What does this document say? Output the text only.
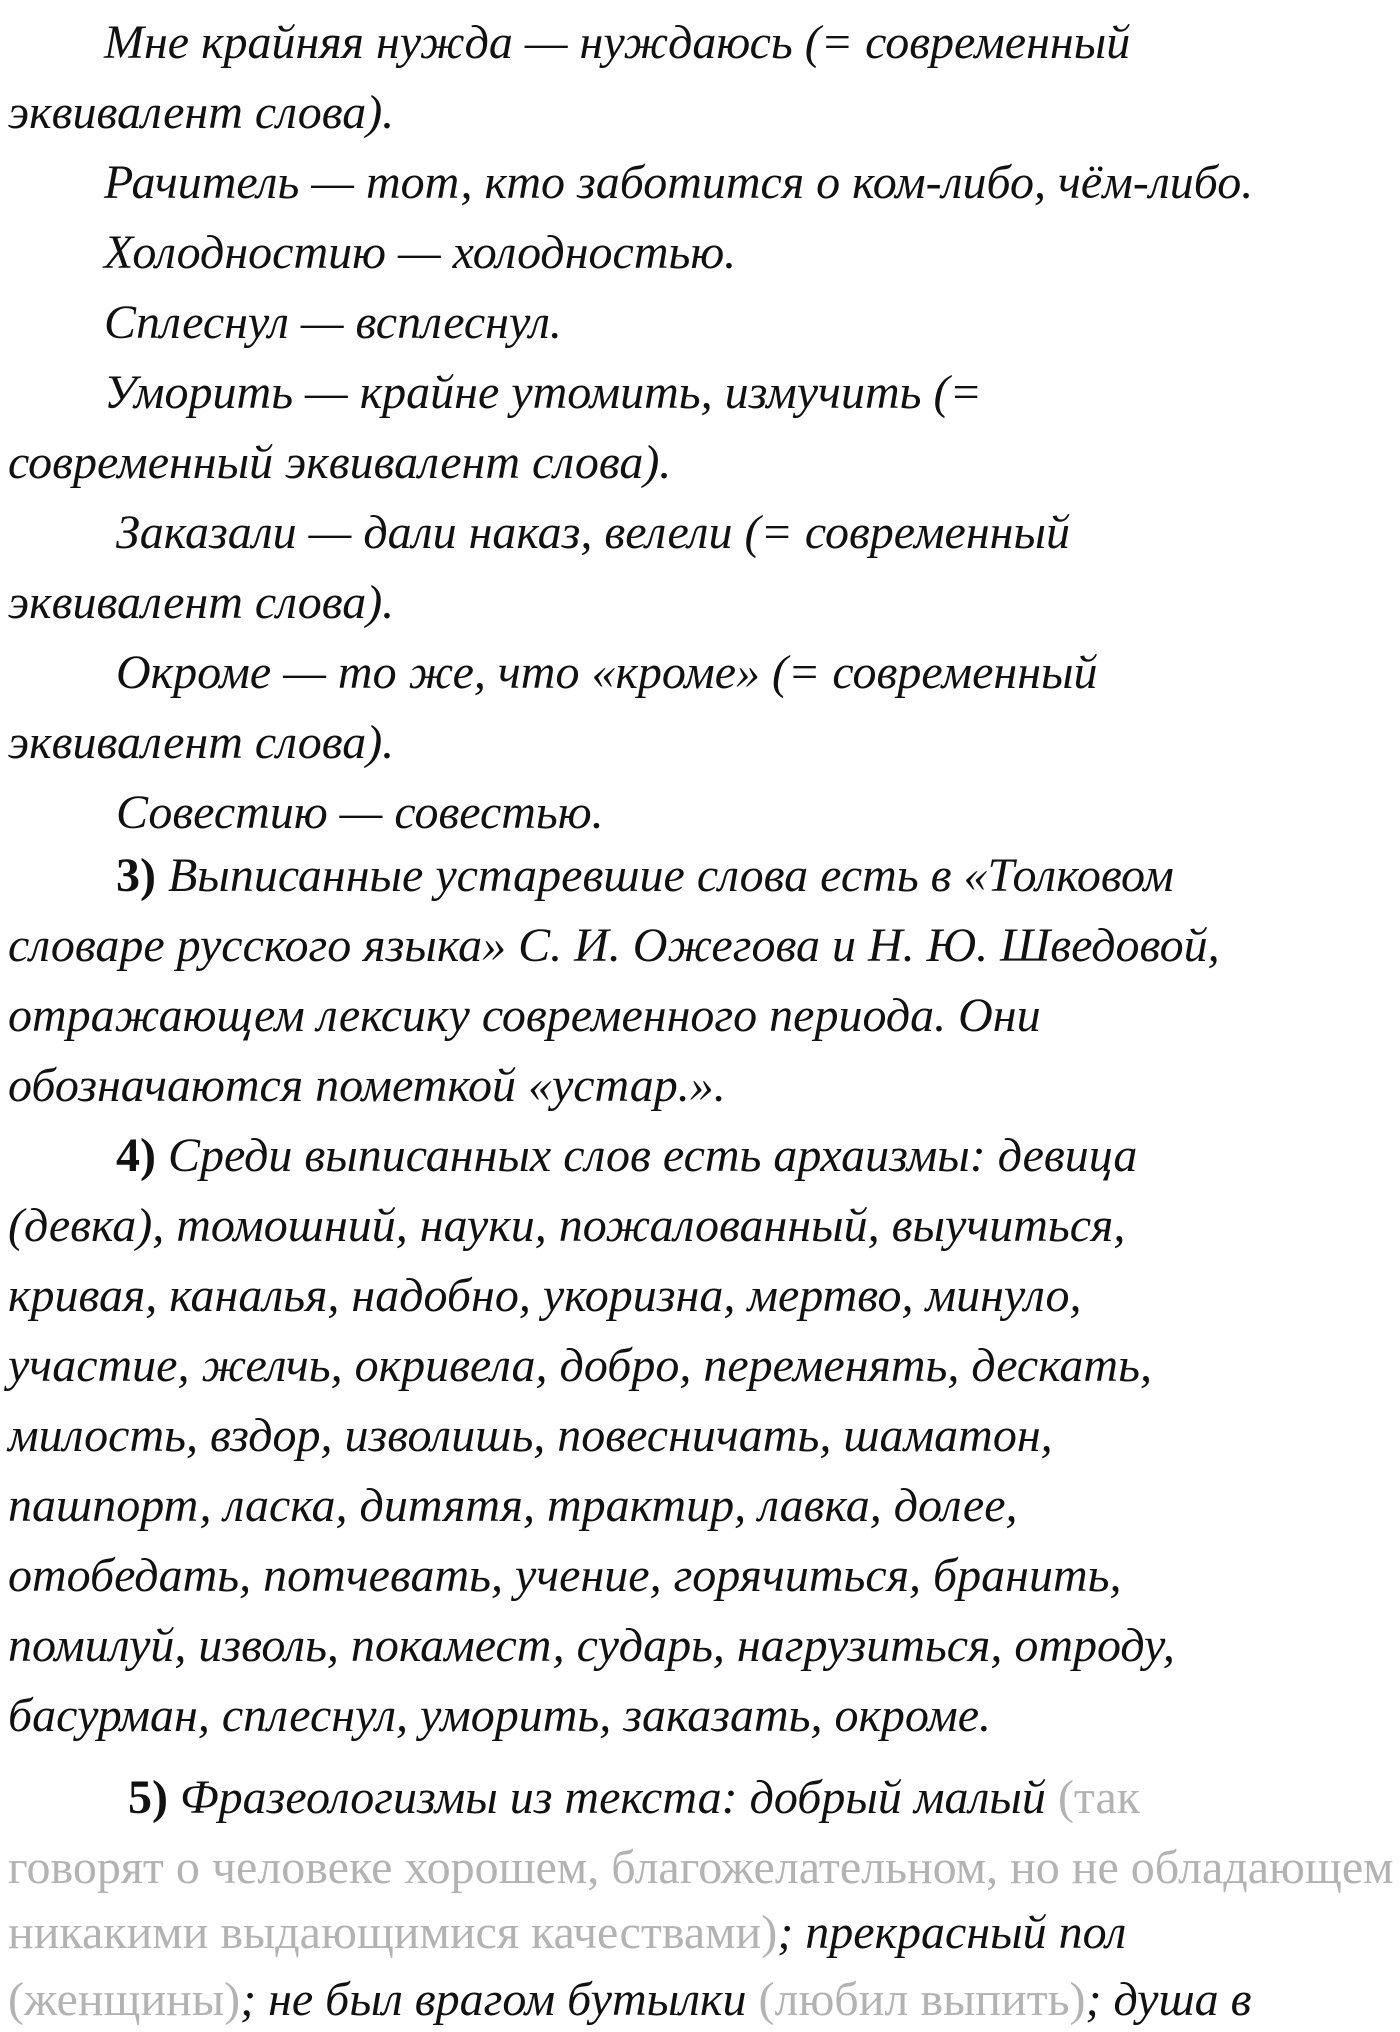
Мне крайняя нужда — нуждаюсь (= современный
эквивалент слова).
Рачитель — тот, кто заботится о ком-либо, чём-либо.
Холодностию — холодностью.
Сплеснул — всплеснул.
Уморить — крайне утомить, измучить (=
современный эквивалент слова).
Заказали — дали наказ, велели (= современный
эквивалент слова).
Окроме — то же, что «кроме» (= современный
эквивалент слова).
Совестию — совестью.
3) Выписанные устаревшие слова есть в «Толковом
словаре русского языка» С. И. Ожегова и Н. Ю. Шведовой,
отражающем лексику современного периода. Они
обозначаются пометкой «устар.».
4) Среди выписанных слов есть архаизмы: девица
(девка), томошний, науки, пожалованный, выучиться,
кривая, каналья, надобно, укоризна, мертво, минуло,
участие, желчь, окривела, добро, переменять, дескать,
милость, вздор, изволишь, повесничать, шаматон,
пашпорт, ласка, дитятя, трактир, лавка, долее,
отобедать, потчевать, учение, горячиться, бранить,
помилуй, изволь, покамест, сударь, нагрузиться, отроду,
басурман, сплеснул, уморить, заказать, окроме.
5) Фразеологизмы из текста: добрый малый (так
говорят о человеке хорошем, благожелательном, но не обладающем
никакими выдающимися качествами); прекрасный пол
(женщины); не был врагом бутылки (любил выпить); душа в
